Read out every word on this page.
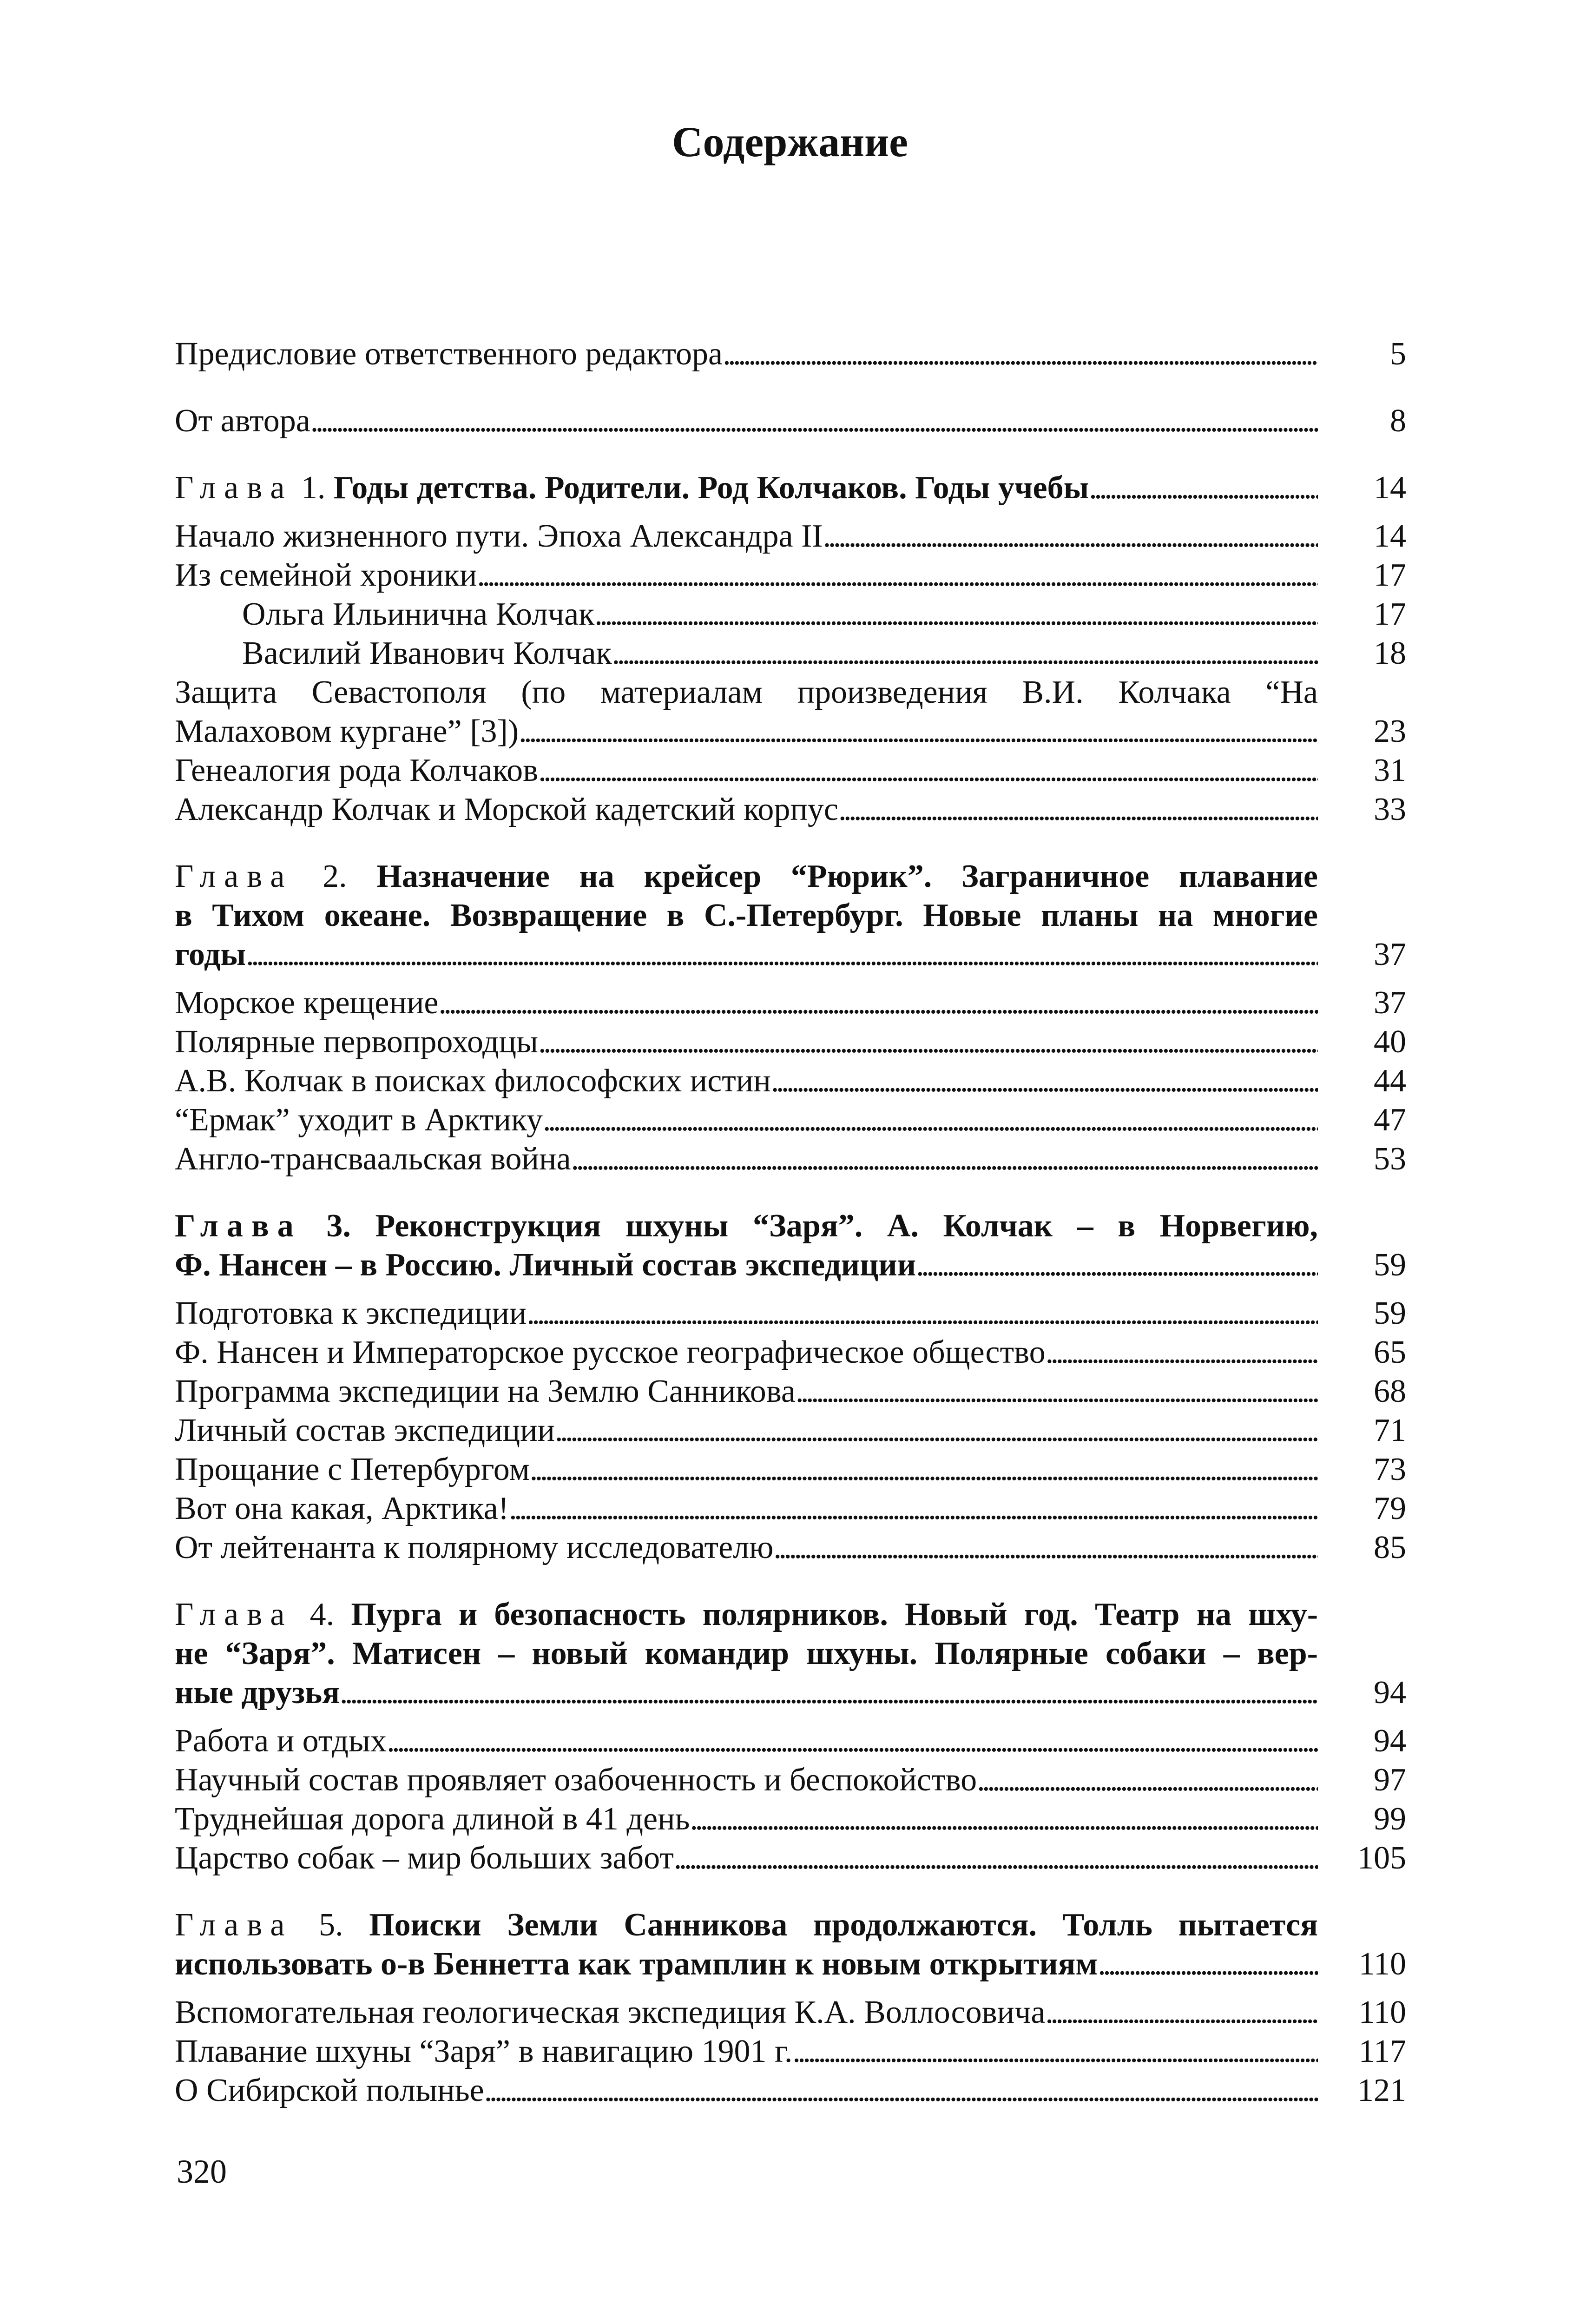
Содержание
Предисловие ответственного редактора . . .	5
От автора . . .	8
Глава 1. Годы детства. Родители. Род Колчаков. Годы учебы . . .	14
Начало жизненного пути. Эпоха Александра II . . .	14
Из семейной хроники . . .	17
Ольга Ильинична Колчак . . .	17
Василий Иванович Колчак . . .	18
Защита Севастополя (по материалам произведения В.И. Колчака “На
Малаховом кургане” [3]) . . .	23
Генеалогия рода Колчаков . . .	31
Александр Колчак и Морской кадетский корпус . . .	33
Глава 2. Назначение на крейсер “Рюрик”. Заграничное плавание
в Тихом океане. Возвращение в С.-Петербург. Новые планы на многие
годы . . .	37
Морское крещение . . .	37
Полярные первопроходцы . . .	40
А.В. Колчак в поисках философских истин . . .	44
“Ермак” уходит в Арктику . . .	47
Англо-трансваальская война . . .	53
Глава 3. Реконструкция шхуны “Заря”. А. Колчак – в Норвегию,
Ф. Нансен – в Россию. Личный состав экспедиции . . .	59
Подготовка к экспедиции . . .	59
Ф. Нансен и Императорское русское географическое общество . . .	65
Программа экспедиции на Землю Санникова . . .	68
Личный состав экспедиции . . .	71
Прощание с Петербургом . . .	73
Вот она какая, Арктика! . . .	79
От лейтенанта к полярному исследователю . . .	85
Глава 4. Пурга и безопасность полярников. Новый год. Театр на шху-
не “Заря”. Матисен – новый командир шхуны. Полярные собаки – вер-
ные друзья . . .	94
Работа и отдых . . .	94
Научный состав проявляет озабоченность и беспокойство . . .	97
Труднейшая дорога длиной в 41 день . . .	99
Царство собак – мир больших забот . . .	105
Глава 5. Поиски Земли Санникова продолжаются. Толль пытается
использовать о-в Беннетта как трамплин к новым открытиям . . .	110
Вспомогательная геологическая экспедиция К.А. Воллосовича . . .	110
Плавание шхуны “Заря” в навигацию 1901 г. . . .	117
О Сибирской полынье . . .	121
320
